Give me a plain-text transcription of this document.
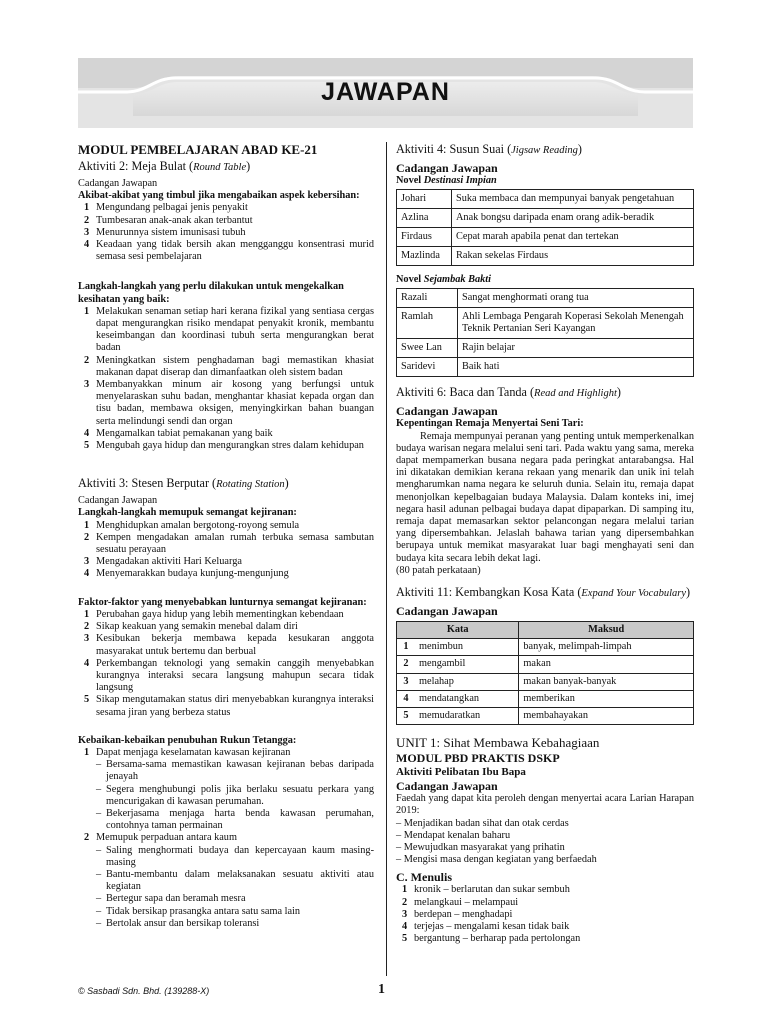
JAWAPAN
MODUL PEMBELAJARAN ABAD KE-21
Aktiviti 2: Meja Bulat (Round Table)
Cadangan Jawapan
Akibat-akibat yang timbul jika mengabaikan aspek kebersihan:
1 Mengundang pelbagai jenis penyakit
2 Tumbesaran anak-anak akan terbantut
3 Menurunnya sistem imunisasi tubuh
4 Keadaan yang tidak bersih akan mengganggu konsentrasi murid semasa sesi pembelajaran
Langkah-langkah yang perlu dilakukan untuk mengekalkan kesihatan yang baik:
1 Melakukan senaman setiap hari kerana fizikal yang sentiasa cergas dapat mengurangkan risiko mendapat penyakit kronik, membantu keseimbangan dan koordinasi tubuh serta mengurangkan berat badan
2 Meningkatkan sistem penghadaman bagi memastikan khasiat makanan dapat diserap dan dimanfaatkan oleh sistem badan
3 Membanyakkan minum air kosong yang berfungsi untuk menyelaraskan suhu badan, menghantar khasiat kepada organ dan tisu badan, membawa oksigen, menyingkirkan bahan buangan serta melindungi sendi dan organ
4 Mengamalkan tabiat pemakanan yang baik
5 Mengubah gaya hidup dan mengurangkan stres dalam kehidupan
Aktiviti 3: Stesen Berputar (Rotating Station)
Cadangan Jawapan
Langkah-langkah memupuk semangat kejiranan:
1 Menghidupkan amalan bergotong-royong semula
2 Kempen mengadakan amalan rumah terbuka semasa sambutan sesuatu perayaan
3 Mengadakan aktiviti Hari Keluarga
4 Menyemarakkan budaya kunjung-mengunjung
Faktor-faktor yang menyebabkan lunturnya semangat kejiranan:
1 Perubahan gaya hidup yang lebih mementingkan kebendaan
2 Sikap keakuan yang semakin menebal dalam diri
3 Kesibukan bekerja membawa kepada kesukaran anggota masyarakat untuk bertemu dan berbual
4 Perkembangan teknologi yang semakin canggih menyebabkan kurangnya interaksi secara langsung mahupun secara tidak langsung
5 Sikap mengutamakan status diri menyebabkan kurangnya interaksi sesama jiran yang berbeza status
Kebaikan-kebaikan penubuhan Rukun Tetangga:
1 Dapat menjaga keselamatan kawasan kejiranan
– Bersama-sama memastikan kawasan kejiranan bebas daripada jenayah
– Segera menghubungi polis jika berlaku sesuatu perkara yang mencurigakan di kawasan perumahan.
– Bekerjasama menjaga harta benda kawasan perumahan, contohnya taman permainan
2 Memupuk perpaduan antara kaum
– Saling menghormati budaya dan kepercayaan kaum masing-masing
– Bantu-membantu dalam melaksanakan sesuatu aktiviti atau kegiatan
– Bertegur sapa dan beramah mesra
– Tidak bersikap prasangka antara satu sama lain
– Bertolak ansur dan bersikap toleransi
Aktiviti 4: Susun Suai (Jigsaw Reading)
Cadangan Jawapan
Novel Destinasi Impian
Johari	Suka membaca dan mempunyai banyak pengetahuan
Azlina	Anak bongsu daripada enam orang adik-beradik
Firdaus	Cepat marah apabila penat dan tertekan
Mazlinda	Rakan sekelas Firdaus
Novel Sejambak Bakti
Razali	Sangat menghormati orang tua
Ramlah	Ahli Lembaga Pengarah Koperasi Sekolah Menengah Teknik Pertanian Seri Kayangan
Swee Lan	Rajin belajar
Saridevi	Baik hati
Aktiviti 6: Baca dan Tanda (Read and Highlight)
Cadangan Jawapan
Kepentingan Remaja Menyertai Seni Tari:

Remaja mempunyai peranan yang penting untuk memperkenalkan budaya warisan negara melalui seni tari. Pada waktu yang sama, mereka dapat mempamerkan busana negara pada peringkat antarabangsa. Hal ini dikatakan demikian kerana rekaan yang menarik dan unik ini telah mengharumkan nama negara ke seluruh dunia. Selain itu, remaja dapat menonjolkan kepelbagaian budaya Malaysia. Dalam konteks ini, imej negara hasil adunan pelbagai budaya dapat dipaparkan. Di samping itu, remaja dapat memasarkan sektor pelancongan negara melalui tarian yang dipersembahkan. Jelaslah bahawa tarian yang dipersembahkan berupaya untuk memikat masyarakat luar bagi menghayati seni dan budaya kita secara lebih dekat lagi.

(80 patah perkataan)

Aktiviti 11: Kembangkan Kosa Kata (Expand Your Vocabulary)
Cadangan Jawapan
Kata		Maksud
1	menimbun	banyak, melimpah-limpah
2	mengambil	makan
3	melahap	makan banyak-banyak
4	mendatangkan	memberikan
5	memudaratkan	membahayakan
UNIT 1: Sihat Membawa Kebahagiaan
MODUL PBD PRAKTIS DSKP
Aktiviti Pelibatan Ibu Bapa
Cadangan Jawapan

Faedah yang dapat kita peroleh dengan menyertai acara Larian Harapan 2019:

– Menjadikan badan sihat dan otak cerdas
– Mendapat kenalan baharu
– Mewujudkan masyarakat yang prihatin
– Mengisi masa dengan kegiatan yang berfaedah
C. Menulis
1 kronik – berlarutan dan sukar sembuh
2 melangkaui – melampaui
3 berdepan – menghadapi
4 terjejas – mengalami kesan tidak baik
5 bergantung – berharap pada pertolongan
© Sasbadi Sdn. Bhd. (139288-X)	1
